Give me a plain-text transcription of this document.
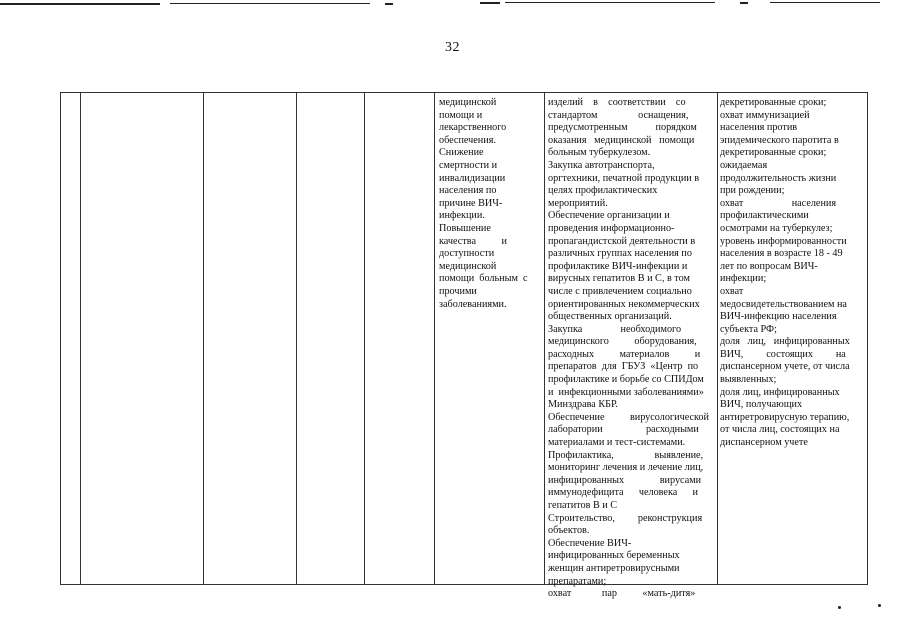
32
медицинской
помощи и
лекарственного
обеспечения.
Снижение
смертности и
инвалидизации
населения по
причине ВИЧ-
инфекции.
Повышение
качества          и
доступности
медицинской
помощи  больным  с
прочими
заболеваниями.
изделий    в    соответствии    со
стандартом                оснащения,
предусмотренным           порядком
оказания   медицинской   помощи
больным туберкулезом.
Закупка автотранспорта,
оргтехники, печатной продукции в
целях профилактических
мероприятий.
Обеспечение организации и
проведения информационно-
пропагандистской деятельности в
различных группах населения по
профилактике ВИЧ-инфекции и
вирусных гепатитов В и С, в том
числе с привлечением социально
ориентированных некоммерческих
общественных организаций.
Закупка               необходимого
медицинского          оборудования,
расходных          материалов          и
препаратов  для  ГБУЗ  «Центр  по
профилактике и борьбе со СПИДом
и  инфекционными заболеваниями»
Минздрава КБР.
Обеспечение          вирусологической
лаборатории                 расходными
материалами и тест-системами.
Профилактика,                выявление,
мониторинг лечения и лечение лиц,
инфицированных              вирусами
иммунодефицита      человека      и
гепатитов В и С
Строительство,         реконструкция
объектов.
Обеспечение ВИЧ-
инфицированных беременных
женщин антиретровирусными
препаратами;
охват            пар          «мать-дитя»
декретированные сроки;
охват иммунизацией
населения против
эпидемического паротита в
декретированные сроки;
ожидаемая
продолжительность жизни
при рождении;
охват                   населения
профилактическими
осмотрами на туберкулез;
уровень информированности
населения в возрасте 18 - 49
лет по вопросам ВИЧ-
инфекции;
охват
медосвидетельствованием на
ВИЧ-инфекцию населения
субъекта РФ;
доля   лиц,   инфицированных
ВИЧ,         состоящих         на
диспансерном учете, от числа
выявленных;
доля лиц, инфицированных
ВИЧ, получающих
антиретровирусную терапию,
от числа лиц, состоящих на
диспансерном учете
